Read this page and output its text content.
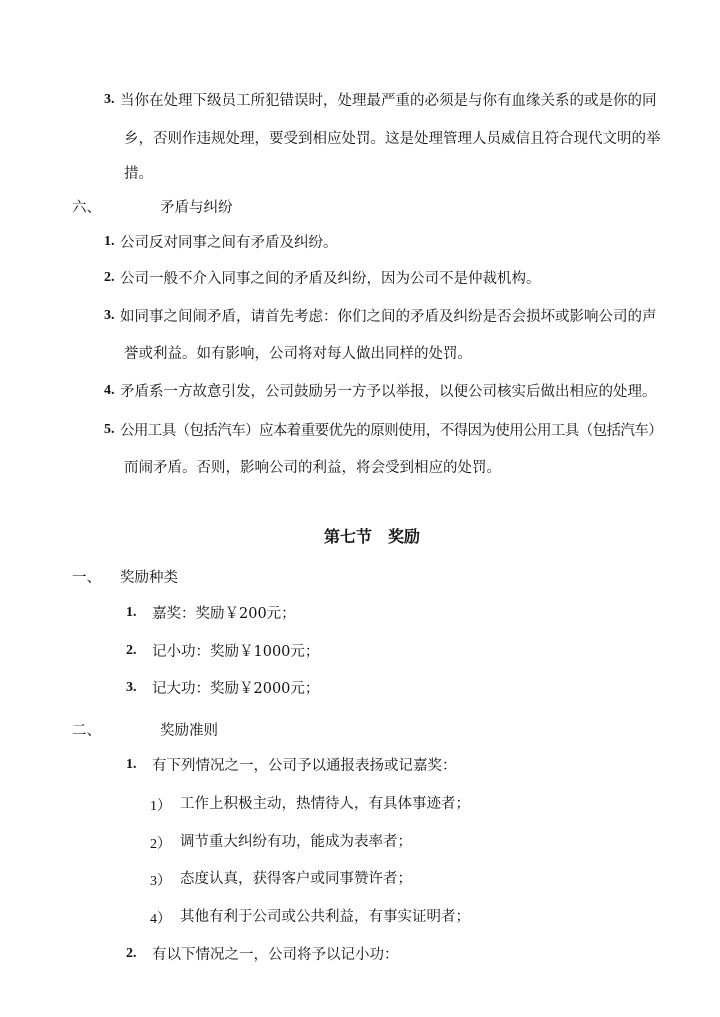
3. 当你在处理下级员工所犯错误时，处理最严重的必须是与你有血缘关系的或是你的同
乡，否则作违规处理，要受到相应处罚。这是处理管理人员威信且符合现代文明的举
措。
六、	矛盾与纠纷
1. 公司反对同事之间有矛盾及纠纷。
2. 公司一般不介入同事之间的矛盾及纠纷，因为公司不是仲裁机构。
3. 如同事之间闹矛盾，请首先考虑：你们之间的矛盾及纠纷是否会损坏或影响公司的声
誉或利益。如有影响，公司将对每人做出同样的处罚。
4. 矛盾系一方故意引发，公司鼓励另一方予以举报，以便公司核实后做出相应的处理。
5. 公用工具（包括汽车）应本着重要优先的原则使用，不得因为使用公用工具（包括汽车）
而闹矛盾。否则，影响公司的利益，将会受到相应的处罚。
第七节　奖励
一、 奖励种类
1. 嘉奖：奖励￥200元；
2. 记小功：奖励￥1000元；
3. 记大功：奖励￥2000元；
二、	奖励准则
1. 有下列情况之一，公司予以通报表扬或记嘉奖：
1） 工作上积极主动，热情待人，有具体事迹者；
2） 调节重大纠纷有功，能成为表率者；
3） 态度认真，获得客户或同事赞许者；
4） 其他有利于公司或公共利益，有事实证明者；
2. 有以下情况之一，公司将予以记小功：
